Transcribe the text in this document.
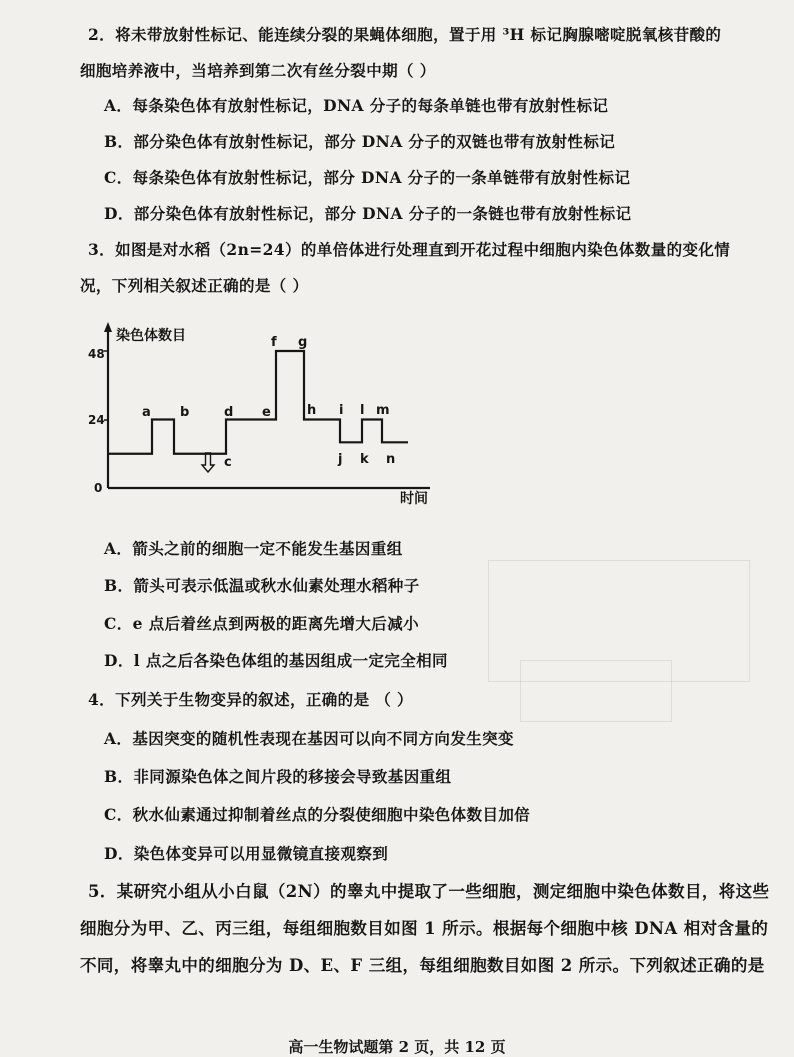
2．将未带放射性标记、能连续分裂的果蝇体细胞，置于用 ³H 标记胸腺嘧啶脱氧核苷酸的
细胞培养液中，当培养到第二次有丝分裂中期（ ）
A．每条染色体有放射性标记，DNA 分子的每条单链也带有放射性标记
B．部分染色体有放射性标记，部分 DNA 分子的双链也带有放射性标记
C．每条染色体有放射性标记，部分 DNA 分子的一条单链带有放射性标记
D．部分染色体有放射性标记，部分 DNA 分子的一条链也带有放射性标记
3．如图是对水稻（2n=24）的单倍体进行处理直到开花过程中细胞内染色体数量的变化情
况，下列相关叙述正确的是（ ）
染色体数目
时间
48
24
0
a b
c
d e
f g
h i
j k
l m
n
A．箭头之前的细胞一定不能发生基因重组
B．箭头可表示低温或秋水仙素处理水稻种子
C．e 点后着丝点到两极的距离先增大后减小
D．l 点之后各染色体组的基因组成一定完全相同
4．下列关于生物变异的叙述，正确的是 （ ）
A．基因突变的随机性表现在基因可以向不同方向发生突变
B．非同源染色体之间片段的移接会导致基因重组
C．秋水仙素通过抑制着丝点的分裂使细胞中染色体数目加倍
D．染色体变异可以用显微镜直接观察到
5．某研究小组从小白鼠（2N）的睾丸中提取了一些细胞，测定细胞中染色体数目，将这些
细胞分为甲、乙、丙三组，每组细胞数目如图 1 所示。根据每个细胞中核 DNA 相对含量的
不同，将睾丸中的细胞分为 D、E、F 三组，每组细胞数目如图 2 所示。下列叙述正确的是
高一生物试题第 2 页，共 12 页
